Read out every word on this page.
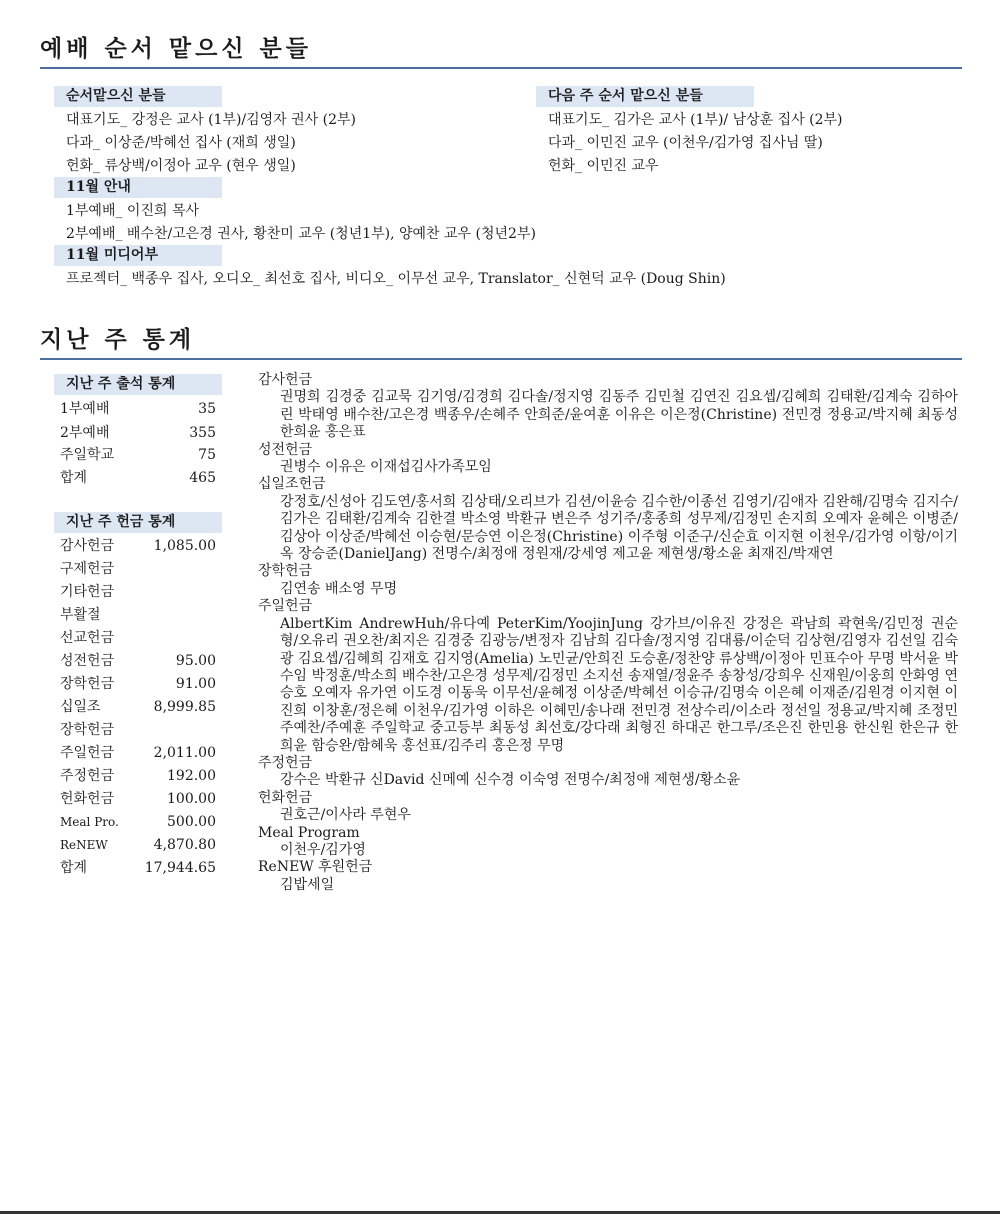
예배 순서 맡으신 분들
순서맡으신 분들	다음 주 순서 맡으신 분들
대표기도_ 강정은 교사 (1부)/김영자 권사 (2부)
다과_ 이상준/박혜선 집사 (재희 생일)
헌화_ 류상백/이정아 교우 (현우 생일)
대표기도_ 김가은 교사 (1부)/ 남상훈 집사 (2부)
다과_ 이민진 교우 (이천우/김가영 집사님 딸)
헌화_ 이민진 교우
11월 안내
1부예배_ 이진희 목사
2부예배_ 배수찬/고은경 권사, 황찬미 교우 (청년1부), 양예찬 교우 (청년2부)
11월 미디어부
프로젝터_ 백종우 집사, 오디오_ 최선호 집사, 비디오_ 이무선 교우, Translator_ 신현덕 교우 (Doug Shin)
지난 주 통계
지난 주 출석 통계
1부예배	35
2부예배	355
주일학교	75
합계	465
지난 주 헌금 통계
감사헌금	1,085.00
구제헌금
기타헌금
부활절
선교헌금
성전헌금	95.00
장학헌금	91.00
십일조	8,999.85
장학헌금
주일헌금	2,011.00
주정헌금	192.00
헌화헌금	100.00
Meal Pro.	500.00
ReNEW	4,870.80
합계	17,944.65

감사헌금

권명희 김경중 김교묵 김기영/김경희 김다솔/정지영 김동주 김민철 김연진 김요셉/김혜희 김태환/김계숙 김하아린 박태영 배수찬/고은경 백종우/손혜주 안희준/윤여훈 이유은 이은정(Christine) 전민경 정용교/박지혜 최동성 한희윤 홍은표

성전헌금

권병수 이유은 이재섭김사가족모임

십일조헌금

강정호/신성아 김도연/홍서희 김상태/오리브가 김션/이윤승 김수한/이종선 김영기/김애자 김완해/김명숙 김지수/김가은 김태환/김계숙 김한결 박소영 박환규 변은주 성기주/홍종희 성무제/김정민 손지희 오예자 윤혜은 이병준/김상아 이상준/박혜선 이승현/문승연 이은정(Christine) 이주형 이준구/신순효 이지현 이천우/김가영 이항/이기옥 장승준(DanielJang) 전명수/최정애 정원재/강세영 제고윤 제현생/황소윤 최재진/박재연

장학헌금

김연송 배소영 무명

주일헌금

AlbertKim AndrewHuh/유다예 PeterKim/YoojinJung 강가브/이유진 강정은 곽남희 곽현욱/김민정 권순형/오유리 권오찬/최지은 김경중 김광능/변정자 김남희 김다솔/정지영 김대룡/이순덕 김상현/김영자 김선일 김숙광 김요셉/김혜희 김재호 김지영(Amelia) 노민균/안희진 도승훈/정찬양 류상백/이정아 민표수아 무명 박서윤 박수임 박정훈/박소희 배수찬/고은경 성무제/김정민 소지선 송재열/정윤주 송창성/강희우 신재원/이웅희 안화영 연승호 오예자 유가연 이도경 이동욱 이무선/윤혜정 이상준/박혜선 이승규/김명숙 이은혜 이재준/김원경 이지현 이진희 이창훈/정은혜 이천우/김가영 이하은 이혜민/송나래 전민경 전상수리/이소라 정선일 정용교/박지혜 조정민 주예찬/주예훈 주일학교 중고등부 최동성 최선호/강다래 최형진 하대곤 한그루/조은진 한민용 한신원 한은규 한희윤 함승완/함혜욱 홍선표/김주리 홍은정 무명

주정헌금

강수은 박환규 신David 신메예 신수경 이숙영 전명수/최정애 제현생/황소윤

헌화헌금

권호근/이사라 루현우

Meal Program

이천우/김가영

ReNEW 후원헌금

김밥세일
